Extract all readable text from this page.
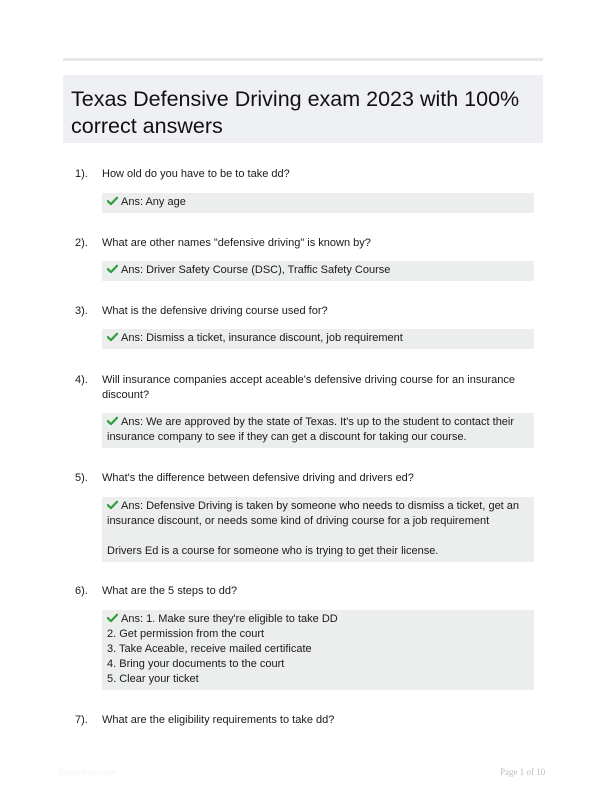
Texas Defensive Driving exam 2023 with 100% correct answers
1). How old do you have to be to take dd?
Ans: Any age
2). What are other names "defensive driving" is known by?
Ans: Driver Safety Course (DSC), Traffic Safety Course
3). What is the defensive driving course used for?
Ans: Dismiss a ticket, insurance discount, job requirement
4). Will insurance companies accept aceable's defensive driving course for an insurance discount?
Ans: We are approved by the state of Texas. It's up to the student to contact their
insurance company to see if they can get a discount for taking our course.
5). What's the difference between defensive driving and drivers ed?
Ans: Defensive Driving is taken by someone who needs to dismiss a ticket, get an
insurance discount, or needs some kind of driving course for a job requirement

Drivers Ed is a course for someone who is trying to get their license.
6). What are the 5 steps to dd?
Ans: 1. Make sure they're eligible to take DD
2. Get permission from the court
3. Take Aceable, receive mailed certificate
4. Bring your documents to the court
5. Clear your ticket
7). What are the eligibility requirements to take dd?
Papersflow.com	Page 1 of 10
